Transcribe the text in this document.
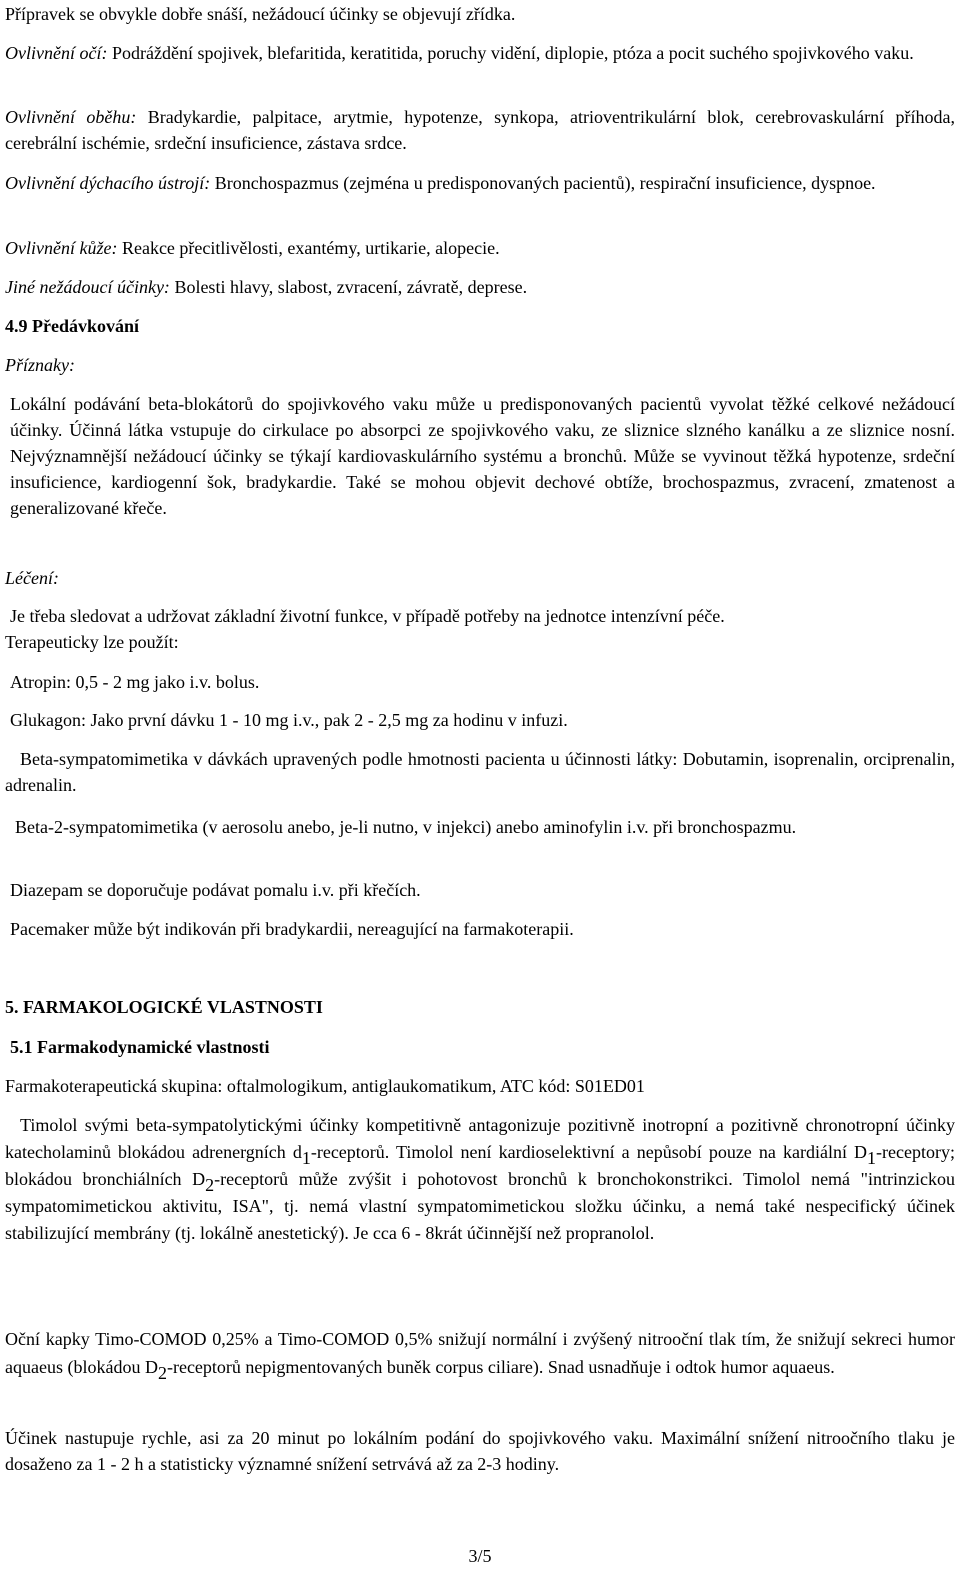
Přípravek se obvykle dobře snáší, nežádoucí účinky se objevují zřídka.

Ovlivnění očí: Podráždění spojivek, blefaritida, keratitida, poruchy vidění, diplopie, ptóza a pocit suchého spojivkového vaku.

Ovlivnění oběhu: Bradykardie, palpitace, arytmie, hypotenze, synkopa, atrioventrikulární blok, cerebrovaskulární příhoda, cerebrální ischémie, srdeční insuficience, zástava srdce.

Ovlivnění dýchacího ústrojí: Bronchospazmus (zejména u predisponovaných pacientů), respirační insuficience, dyspnoe.

Ovlivnění kůže: Reakce přecitlivělosti, exantémy, urtikarie, alopecie.

Jiné nežádoucí účinky: Bolesti hlavy, slabost, zvracení, závratě, deprese.

4.9 Předávkování

Příznaky:

Lokální podávání beta-blokátorů do spojivkového vaku může u predisponovaných pacientů vyvolat těžké celkové nežádoucí účinky. Účinná látka vstupuje do cirkulace po absorpci ze spojivkového vaku, ze sliznice slzného kanálku a ze sliznice nosní. Nejvýznamnější nežádoucí účinky se týkají kardiovaskulárního systému a bronchů. Může se vyvinout těžká hypotenze, srdeční insuficience, kardiogenní šok, bradykardie. Také se mohou objevit dechové obtíže, brochospazmus, zvracení, zmatenost a generalizované křeče.

Léčení:

Je třeba sledovat a udržovat základní životní funkce, v případě potřeby na jednotce intenzívní péče.

Terapeuticky lze použít:

Atropin: 0,5 - 2 mg jako i.v. bolus.

Glukagon: Jako první dávku 1 - 10 mg i.v., pak 2 - 2,5 mg za hodinu v infuzi.

Beta-sympatomimetika v dávkách upravených podle hmotnosti pacienta u účinnosti látky: Dobutamin, isoprenalin, orciprenalin, adrenalin.

Beta-2-sympatomimetika (v aerosolu anebo, je-li nutno, v injekci) anebo aminofylin i.v. při bronchospazmu.

Diazepam se doporučuje podávat pomalu i.v. při křečích.

Pacemaker může být indikován při bradykardii, nereagující na farmakoterapii.

5. FARMAKOLOGICKÉ VLASTNOSTI

5.1 Farmakodynamické vlastnosti

Farmakoterapeutická skupina: oftalmologikum, antiglaukomatikum, ATC kód: S01ED01

Timolol svými beta-sympatolytickými účinky kompetitivně antagonizuje pozitivně inotropní a pozitivně chronotropní účinky katecholaminů blokádou adrenergních d1-receptorů. Timolol není kardioselektivní a nepůsobí pouze na kardiální D1-receptory; blokádou bronchiálních D2-receptorů může zvýšit i pohotovost bronchů k bronchokonstrikci. Timolol nemá "intrinzickou sympatomimetickou aktivitu, ISA", tj. nemá vlastní sympatomimetickou složku účinku, a nemá také nespecifický účinek stabilizující membrány (tj. lokálně anestetický). Je cca 6 - 8krát účinnější než propranolol.

Oční kapky Timo-COMOD 0,25% a Timo-COMOD 0,5% snižují normální i zvýšený nitrooční tlak tím, že snižují sekreci humor aquaeus (blokádou D2-receptorů nepigmentovaných buněk corpus ciliare). Snad usnadňuje i odtok humor aquaeus.

Účinek nastupuje rychle, asi za 20 minut po lokálním podání do spojivkového vaku. Maximální snížení nitroočního tlaku je dosaženo za 1 - 2 h a statisticky významné snížení setrvává až za 2-3 hodiny.

3/5
